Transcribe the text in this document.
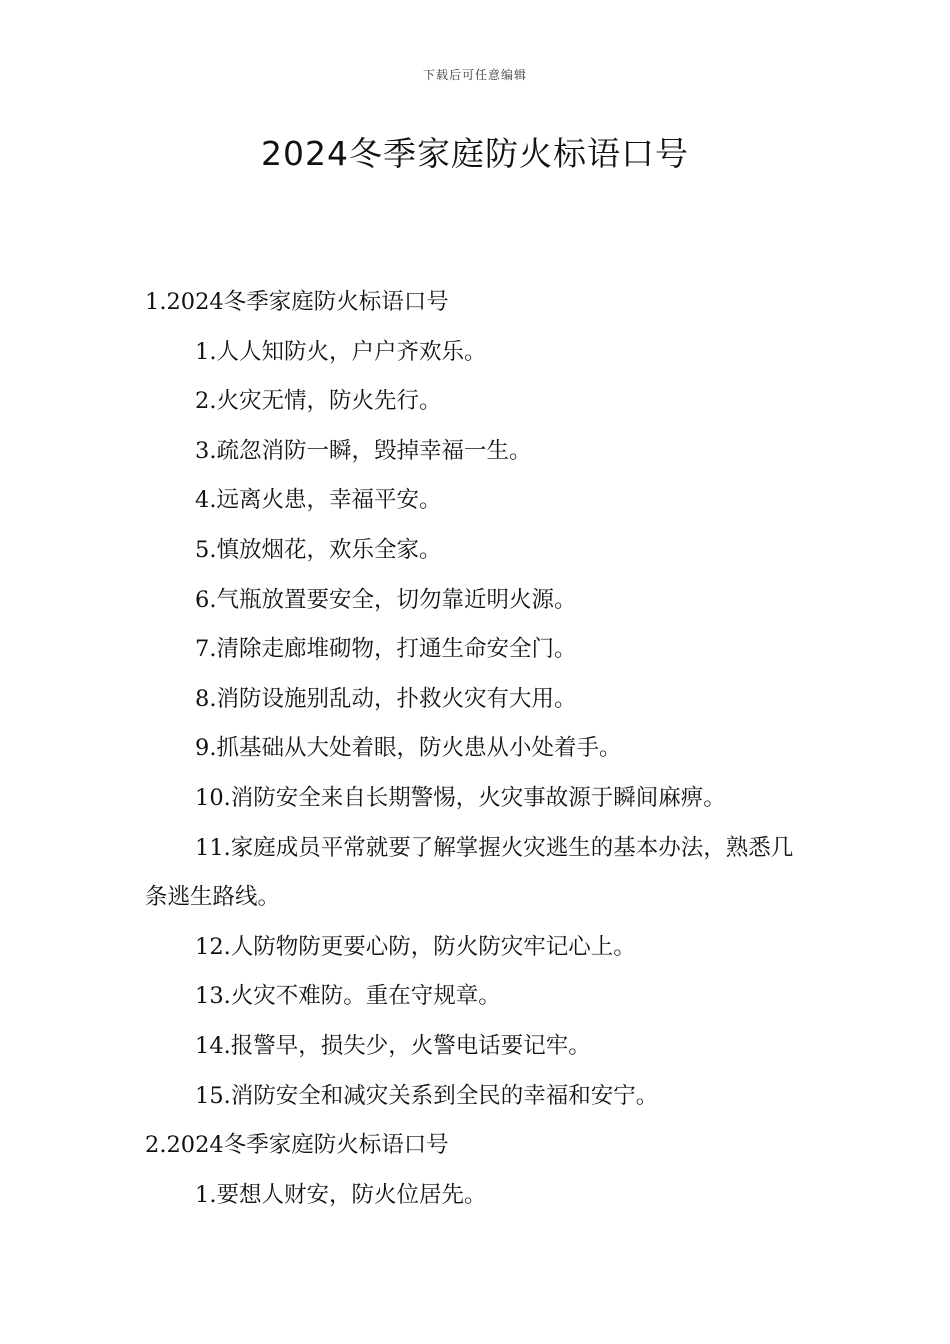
下载后可任意编辑
2024冬季家庭防火标语口号

1.2024冬季家庭防火标语口号

1.人人知防火，户户齐欢乐。

2.火灾无情，防火先行。

3.疏忽消防一瞬，毁掉幸福一生。

4.远离火患，幸福平安。

5.慎放烟花，欢乐全家。

6.气瓶放置要安全，切勿靠近明火源。

7.清除走廊堆砌物，打通生命安全门。

8.消防设施别乱动，扑救火灾有大用。

9.抓基础从大处着眼，防火患从小处着手。

10.消防安全来自长期警惕，火灾事故源于瞬间麻痹。

11.家庭成员平常就要了解掌握火灾逃生的基本办法，熟悉几条逃生路线。

12.人防物防更要心防，防火防灾牢记心上。

13.火灾不难防。重在守规章。

14.报警早，损失少，火警电话要记牢。

15.消防安全和减灾关系到全民的幸福和安宁。

2.2024冬季家庭防火标语口号

1.要想人财安，防火位居先。
